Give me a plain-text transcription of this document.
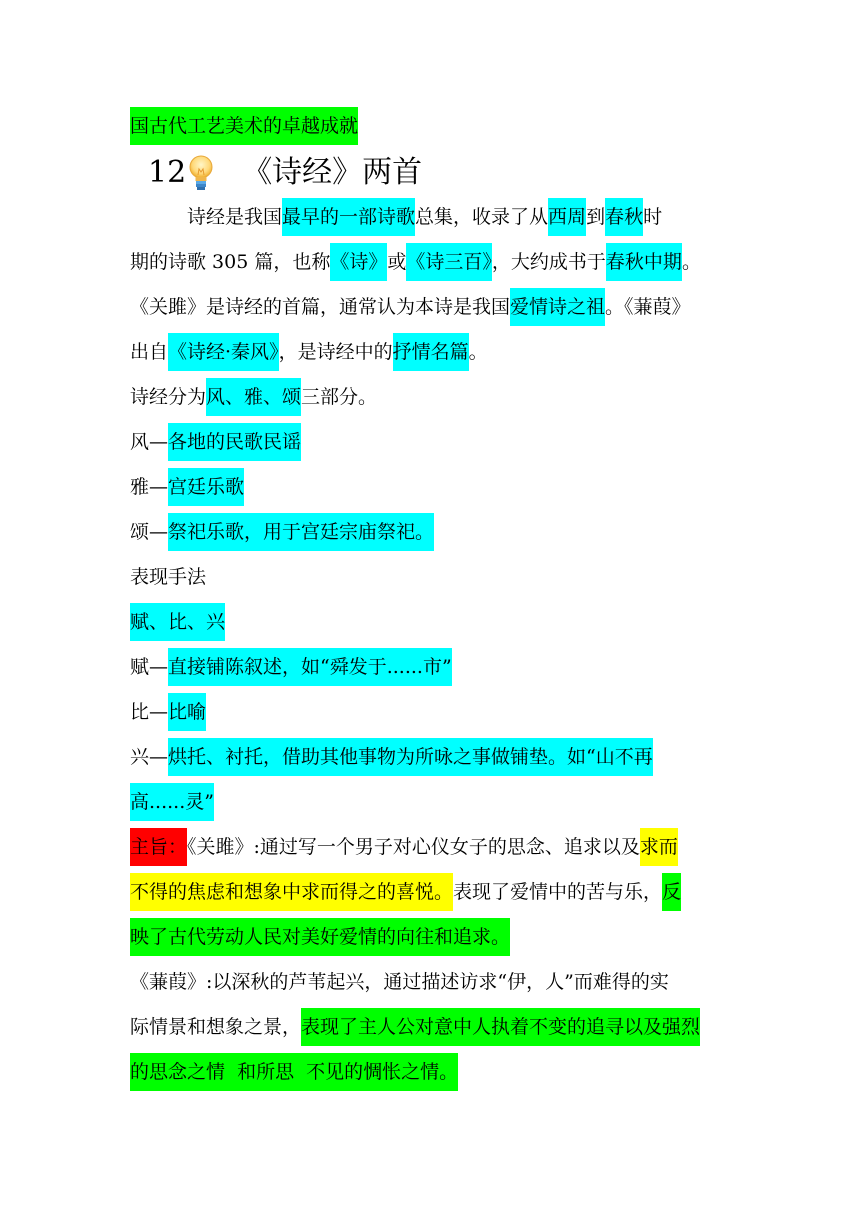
国古代工艺美术的卓越成就
12 《诗经》两首
　　　诗经是我国最早的一部诗歌总集，收录了从西周到春秋时
期的诗歌 305 篇，也称《诗》或《诗三百》，大约成书于春秋中期。
《关雎》是诗经的首篇，通常认为本诗是我国爱情诗之祖。《蒹葭》
出自《诗经·秦风》，是诗经中的抒情名篇。
诗经分为风、雅、颂三部分。
风—各地的民歌民谣
雅—宫廷乐歌
颂—祭祀乐歌，用于宫廷宗庙祭祀。
表现手法
赋、比、兴
赋—直接铺陈叙述，如“舜发于......市”
比—比喻
兴—烘托、衬托，借助其他事物为所咏之事做铺垫。如“山不再
高......灵”
主旨：《关雎》:通过写一个男子对心仪女子的思念、追求以及求而
不得的焦虑和想象中求而得之的喜悦。表现了爱情中的苦与乐，反
映了古代劳动人民对美好爱情的向往和追求。
《蒹葭》:以深秋的芦苇起兴，通过描述访求“伊，人”而难得的实
际情景和想象之景，表现了主人公对意中人执着不变的追寻以及强烈
的思念之情  和所思  不见的惆怅之情。
